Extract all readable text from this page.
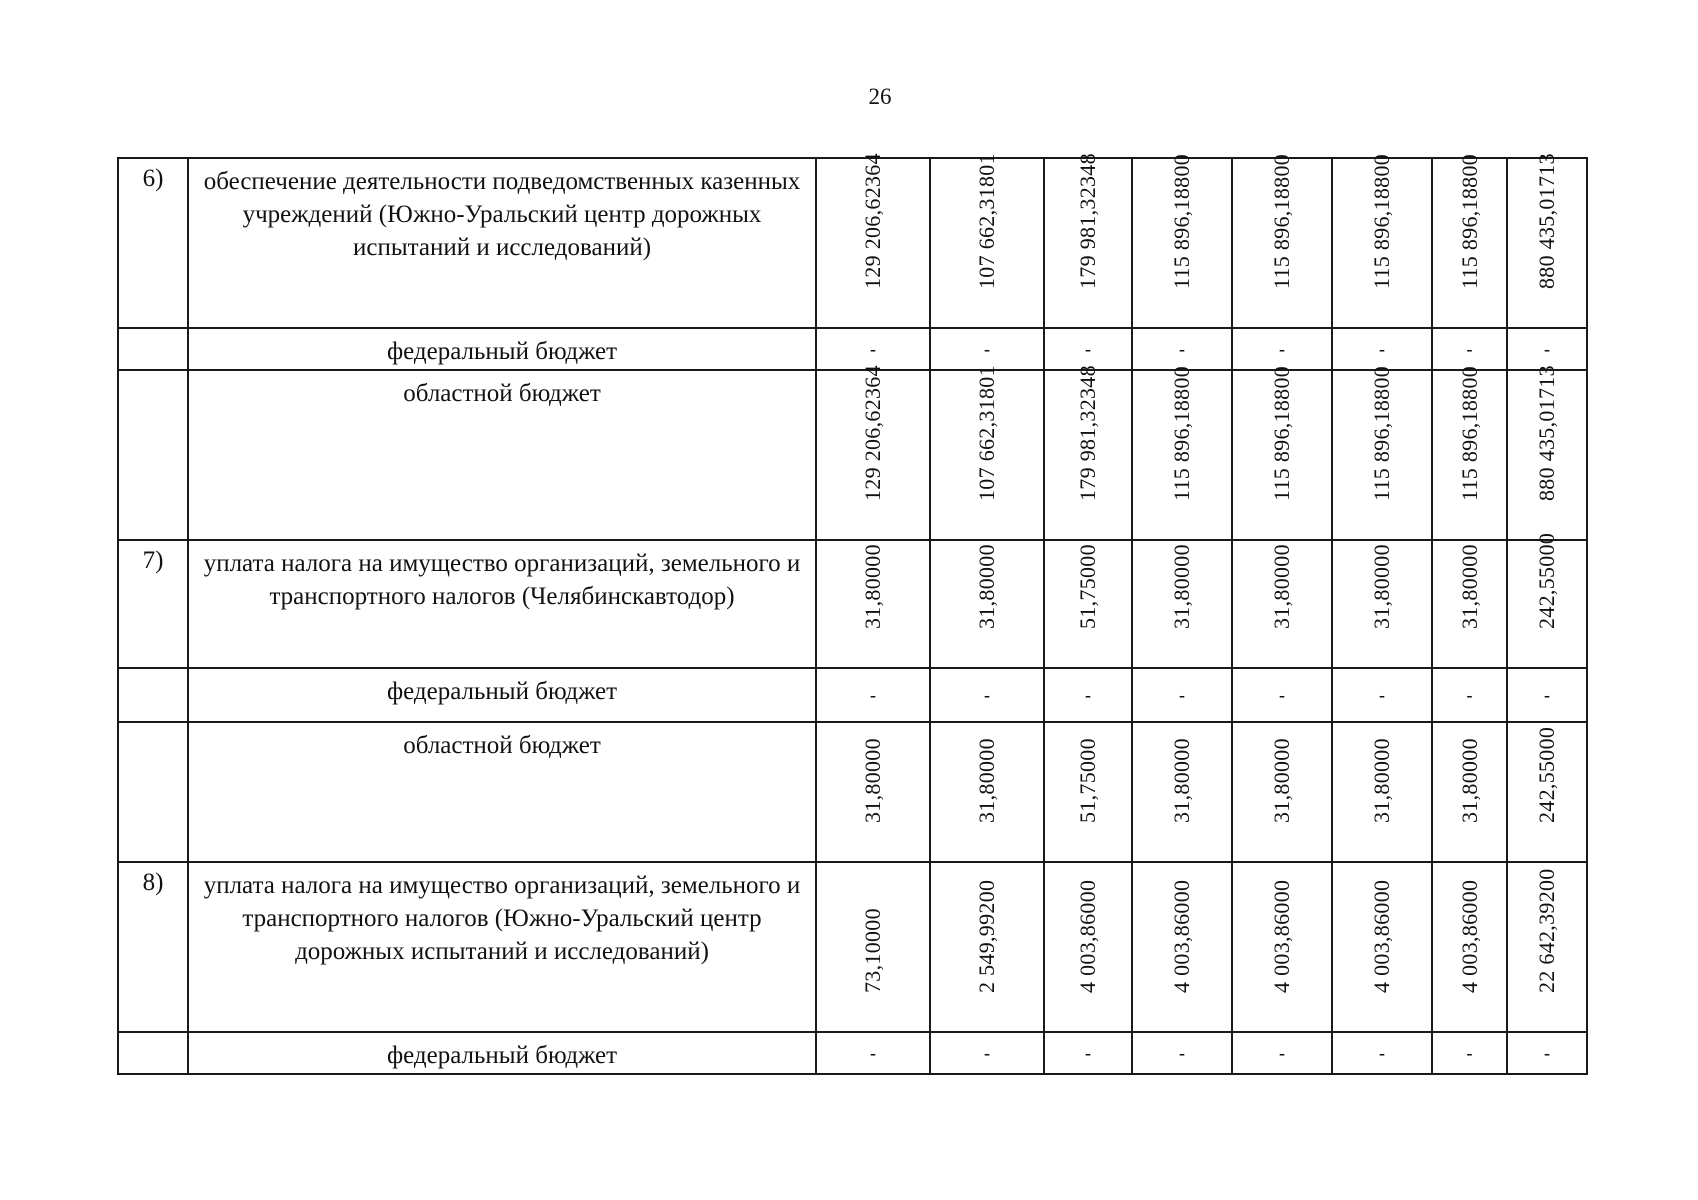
26
6)	обеспечение деятельности подведомственных казенных учреждений (Южно-Уральский центр дорожных испытаний и исследований)	129 206,62364	107 662,31801	179 981,32348	115 896,18800	115 896,18800	115 896,18800	115 896,18800	880 435,01713

	федеральный бюджет	-	-	-	-	-	-	-	-
	областной бюджет	129 206,62364	107 662,31801	179 981,32348	115 896,18800	115 896,18800	115 896,18800	115 896,18800	880 435,01713

7)	уплата налога на имущество организаций, земельного и транспортного налогов (Челябинскавтодор)	31,80000	31,80000	51,75000	31,80000	31,80000	31,80000	31,80000	242,55000

	федеральный бюджет	-	-	-	-	-	-	-	-
	областной бюджет	31,80000	31,80000	51,75000	31,80000	31,80000	31,80000	31,80000	242,55000

8)	уплата налога на имущество организаций, земельного и транспортного налогов (Южно-Уральский центр дорожных испытаний и исследований)	73,10000	2 549,99200	4 003,86000	4 003,86000	4 003,86000	4 003,86000	4 003,86000	22 642,39200

	федеральный бюджет	-	-	-	-	-	-	-	-
